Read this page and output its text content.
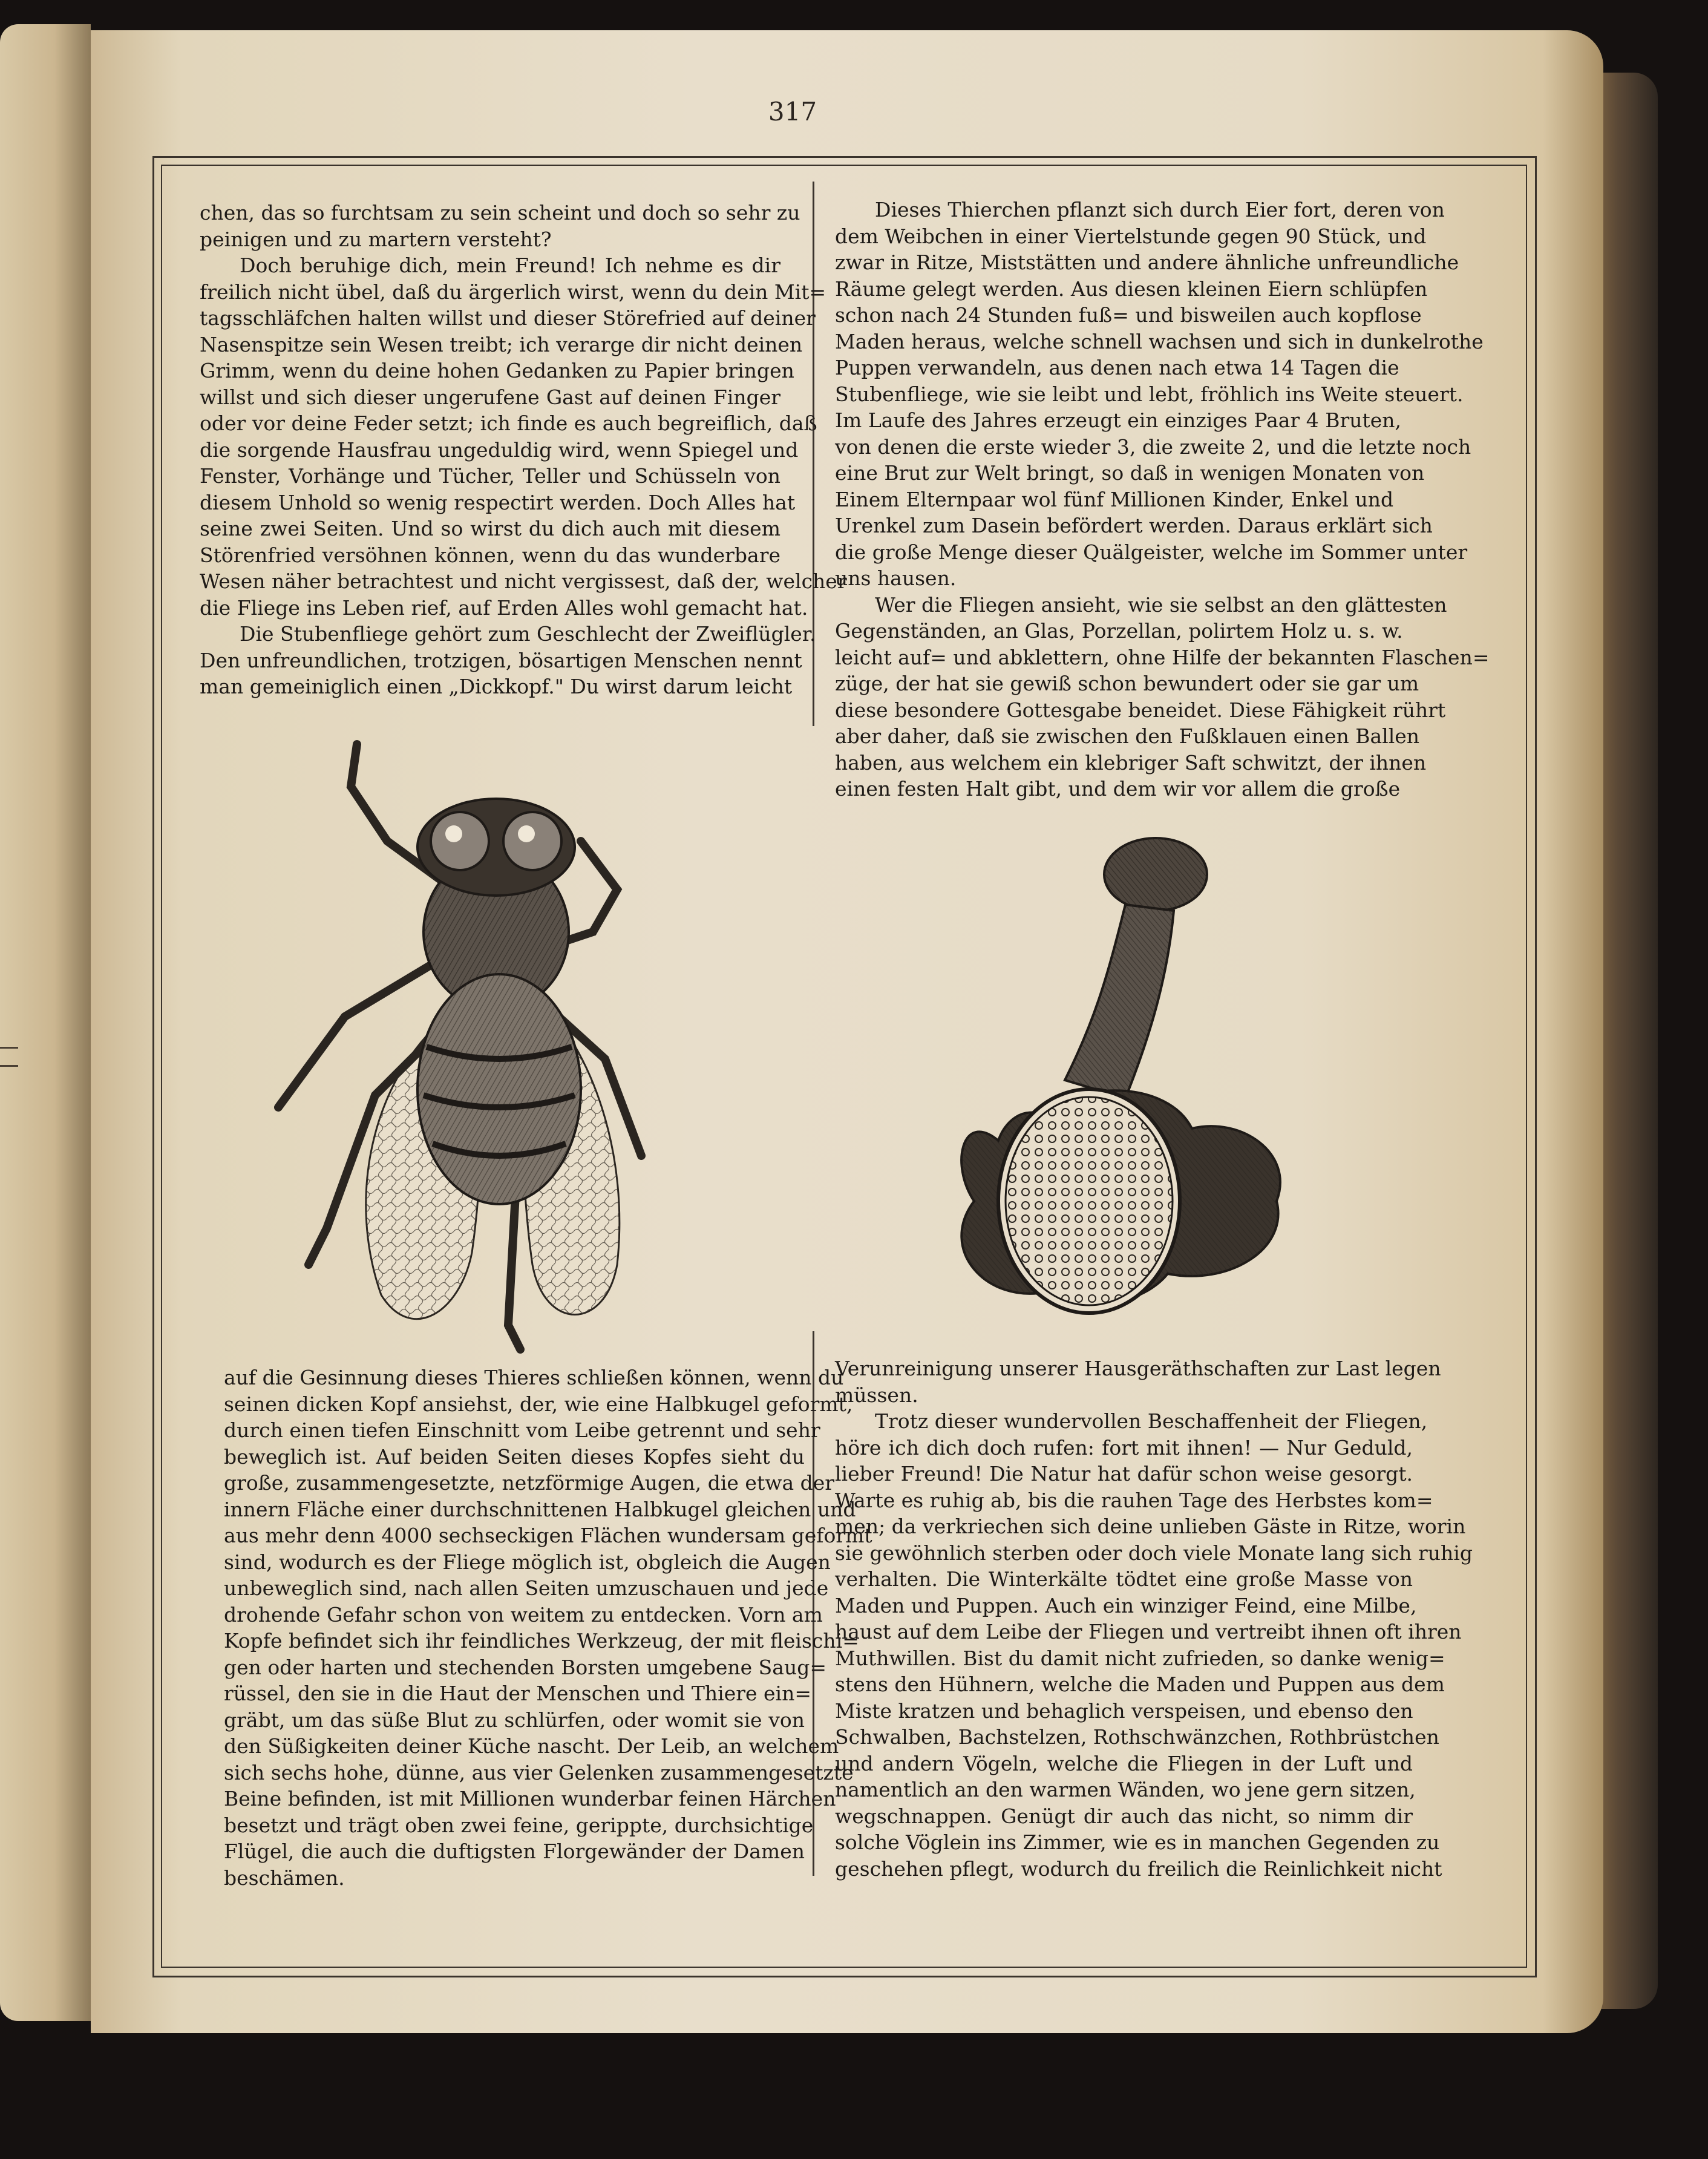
317
chen, das so furchtsam zu sein scheint und doch so sehr zu
peinigen und zu martern versteht?
  Doch beruhige dich, mein Freund! Ich nehme es dir
freilich nicht übel, daß du ärgerlich wirst, wenn du dein Mit=
tagsschläfchen halten willst und dieser Störefried auf deiner
Nasenspitze sein Wesen treibt; ich verarge dir nicht deinen
Grimm, wenn du deine hohen Gedanken zu Papier bringen
willst und sich dieser ungerufene Gast auf deinen Finger
oder vor deine Feder setzt; ich finde es auch begreiflich, daß
die sorgende Hausfrau ungeduldig wird, wenn Spiegel und
Fenster, Vorhänge und Tücher, Teller und Schüsseln von
diesem Unhold so wenig respectirt werden. Doch Alles hat
seine zwei Seiten. Und so wirst du dich auch mit diesem
Störenfried versöhnen können, wenn du das wunderbare
Wesen näher betrachtest und nicht vergissest, daß der, welcher
die Fliege ins Leben rief, auf Erden Alles wohl gemacht hat.
  Die Stubenfliege gehört zum Geschlecht der Zweiflügler.
Den unfreundlichen, trotzigen, bösartigen Menschen nennt
man gemeiniglich einen „Dickkopf." Du wirst darum leicht
  Dieses Thierchen pflanzt sich durch Eier fort, deren von
dem Weibchen in einer Viertelstunde gegen 90 Stück, und
zwar in Ritze, Miststätten und andere ähnliche unfreundliche
Räume gelegt werden. Aus diesen kleinen Eiern schlüpfen
schon nach 24 Stunden fuß= und bisweilen auch kopflose
Maden heraus, welche schnell wachsen und sich in dunkelrothe
Puppen verwandeln, aus denen nach etwa 14 Tagen die
Stubenfliege, wie sie leibt und lebt, fröhlich ins Weite steuert.
Im Laufe des Jahres erzeugt ein einziges Paar 4 Bruten,
von denen die erste wieder 3, die zweite 2, und die letzte noch
eine Brut zur Welt bringt, so daß in wenigen Monaten von
Einem Elternpaar wol fünf Millionen Kinder, Enkel und
Urenkel zum Dasein befördert werden. Daraus erklärt sich
die große Menge dieser Quälgeister, welche im Sommer unter
uns hausen.
  Wer die Fliegen ansieht, wie sie selbst an den glättesten
Gegenständen, an Glas, Porzellan, polirtem Holz u. s. w.
leicht auf= und abklettern, ohne Hilfe der bekannten Flaschen=
züge, der hat sie gewiß schon bewundert oder sie gar um
diese besondere Gottesgabe beneidet. Diese Fähigkeit rührt
aber daher, daß sie zwischen den Fußklauen einen Ballen
haben, aus welchem ein klebriger Saft schwitzt, der ihnen
einen festen Halt gibt, und dem wir vor allem die große
auf die Gesinnung dieses Thieres schließen können, wenn du
seinen dicken Kopf ansiehst, der, wie eine Halbkugel geformt,
durch einen tiefen Einschnitt vom Leibe getrennt und sehr
beweglich ist. Auf beiden Seiten dieses Kopfes sieht du
große, zusammengesetzte, netzförmige Augen, die etwa der
innern Fläche einer durchschnittenen Halbkugel gleichen und
aus mehr denn 4000 sechseckigen Flächen wundersam geformt
sind, wodurch es der Fliege möglich ist, obgleich die Augen
unbeweglich sind, nach allen Seiten umzuschauen und jede
drohende Gefahr schon von weitem zu entdecken. Vorn am
Kopfe befindet sich ihr feindliches Werkzeug, der mit fleischi=
gen oder harten und stechenden Borsten umgebene Saug=
rüssel, den sie in die Haut der Menschen und Thiere ein=
gräbt, um das süße Blut zu schlürfen, oder womit sie von
den Süßigkeiten deiner Küche nascht. Der Leib, an welchem
sich sechs hohe, dünne, aus vier Gelenken zusammengesetzte
Beine befinden, ist mit Millionen wunderbar feinen Härchen
besetzt und trägt oben zwei feine, gerippte, durchsichtige
Flügel, die auch die duftigsten Florgewänder der Damen
beschämen.
Verunreinigung unserer Hausgeräthschaften zur Last legen
müssen.
  Trotz dieser wundervollen Beschaffenheit der Fliegen,
höre ich dich doch rufen: fort mit ihnen! — Nur Geduld,
lieber Freund! Die Natur hat dafür schon weise gesorgt.
Warte es ruhig ab, bis die rauhen Tage des Herbstes kom=
men; da verkriechen sich deine unlieben Gäste in Ritze, worin
sie gewöhnlich sterben oder doch viele Monate lang sich ruhig
verhalten. Die Winterkälte tödtet eine große Masse von
Maden und Puppen. Auch ein winziger Feind, eine Milbe,
haust auf dem Leibe der Fliegen und vertreibt ihnen oft ihren
Muthwillen. Bist du damit nicht zufrieden, so danke wenig=
stens den Hühnern, welche die Maden und Puppen aus dem
Miste kratzen und behaglich verspeisen, und ebenso den
Schwalben, Bachstelzen, Rothschwänzchen, Rothbrüstchen
und andern Vögeln, welche die Fliegen in der Luft und
namentlich an den warmen Wänden, wo jene gern sitzen,
wegschnappen. Genügt dir auch das nicht, so nimm dir
solche Vöglein ins Zimmer, wie es in manchen Gegenden zu
geschehen pflegt, wodurch du freilich die Reinlichkeit nicht
